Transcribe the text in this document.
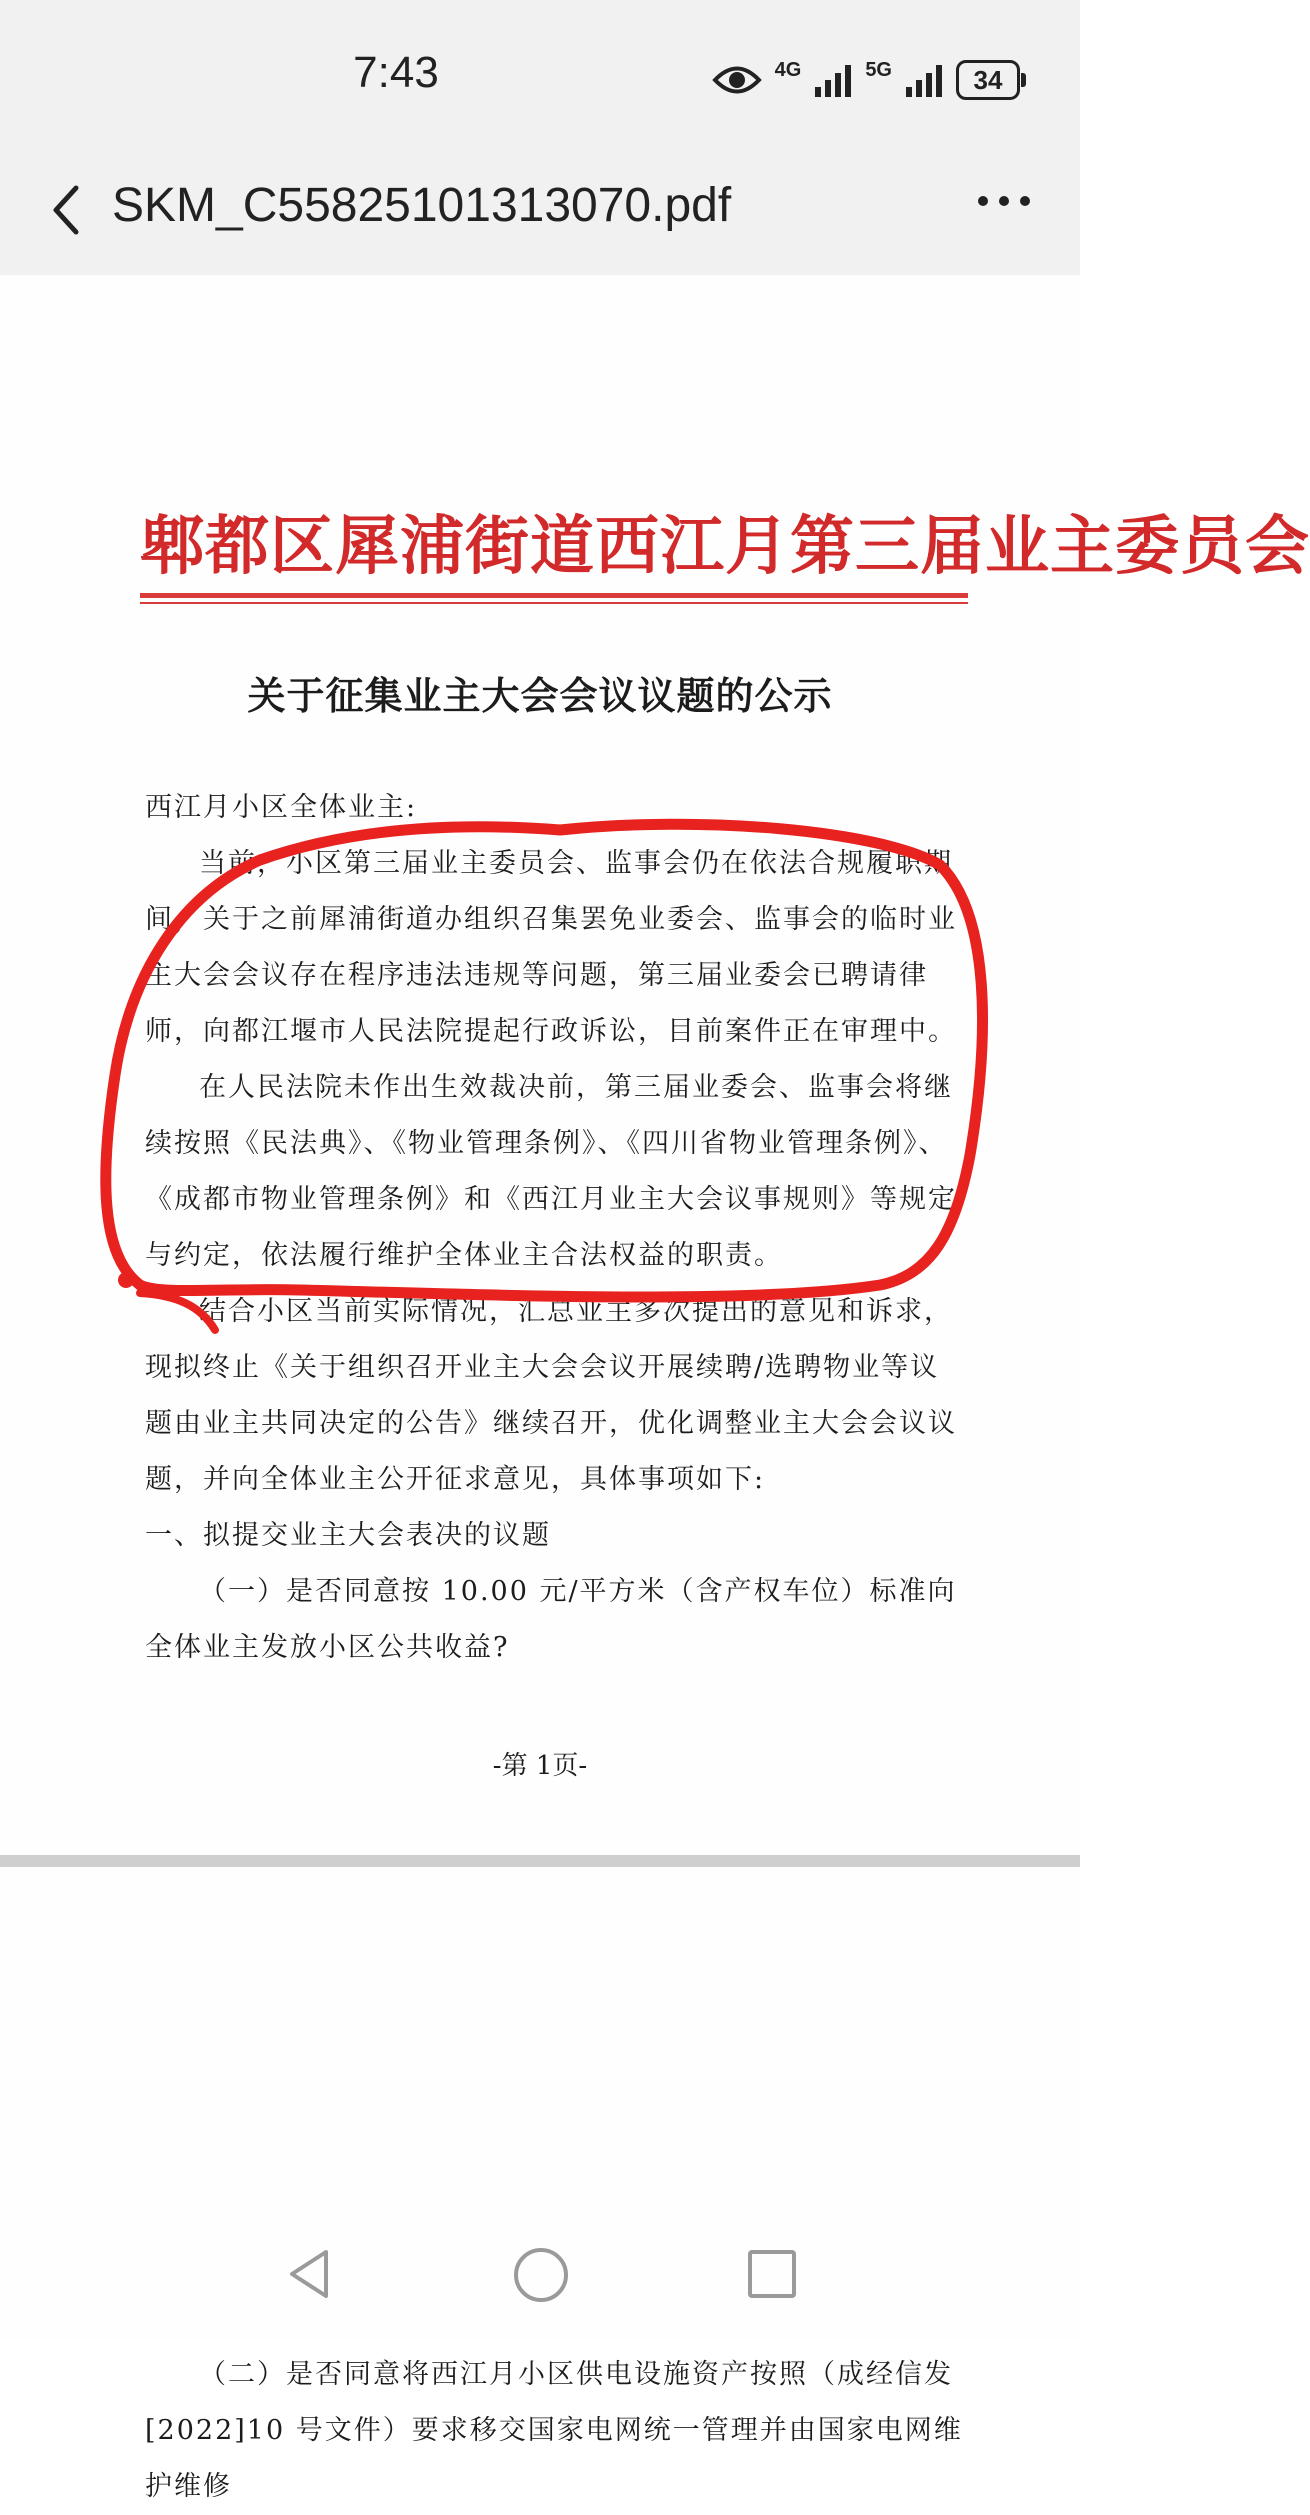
7:43	4G	5G	34
SKM_C55825101313070.pdf
郫都区犀浦街道西江月第三届业主委员会
关于征集业主大会会议议题的公示

西江月小区全体业主:

当前，小区第三届业主委员会、监事会仍在依法合规履职期间，关于之前犀浦街道办组织召集罢免业委会、监事会的临时业主大会会议存在程序违法违规等问题，第三届业委会已聘请律师，向都江堰市人民法院提起行政诉讼，目前案件正在审理中。

在人民法院未作出生效裁决前，第三届业委会、监事会将继续按照《民法典》、《物业管理条例》、《四川省物业管理条例》、《成都市物业管理条例》和《西江月业主大会议事规则》等规定与约定，依法履行维护全体业主合法权益的职责。

结合小区当前实际情况，汇总业主多次提出的意见和诉求，现拟终止《关于组织召开业主大会会议开展续聘/选聘物业等议题由业主共同决定的公告》继续召开，优化调整业主大会会议议题，并向全体业主公开征求意见，具体事项如下:

一、拟提交业主大会表决的议题

（一）是否同意按 10.00 元/平方米（含产权车位）标准向全体业主发放小区公共收益?

-第 1页-
（二）是否同意将西江月小区供电设施资产按照（成经信发[2022]10 号文件）要求移交国家电网统一管理并由国家电网维护维修
